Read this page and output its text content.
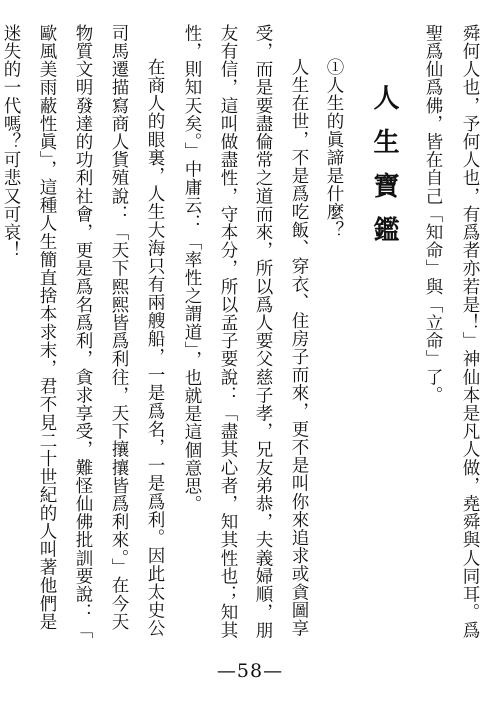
舜何人也，予何人也，有爲者亦若是！」神仙本是凡人做，堯舜與人同耳。爲
聖爲仙爲佛，皆在自己「知命」與「立命」了。
人生寶鑑
①人生的眞諦是什麼？
人生在世，不是爲吃飯、穿衣、住房子而來，更不是叫你來追求或貪圖享
受，而是要盡倫常之道而來，所以爲人要父慈子孝，兄友弟恭，夫義婦順，朋
友有信，這叫做盡性，守本分，所以孟子要說：「盡其心者，知其性也；知其
性，則知天矣。」中庸云：「率性之謂道」，也就是這個意思。
在商人的眼裏，人生大海只有兩艘船，一是爲名，一是爲利。因此太史公
司馬遷描寫商人貨殖說：「天下熙熙皆爲利往，天下攘攘皆爲利來。」在今天
物質文明發達的功利社會，更是爲名爲利，貪求享受，難怪仙佛批訓要說：「
歐風美雨蔽性眞」，這種人生簡直捨本求末，君不見二十世紀的人叫著他們是
迷失的一代嗎？可悲又可哀！
—58—
